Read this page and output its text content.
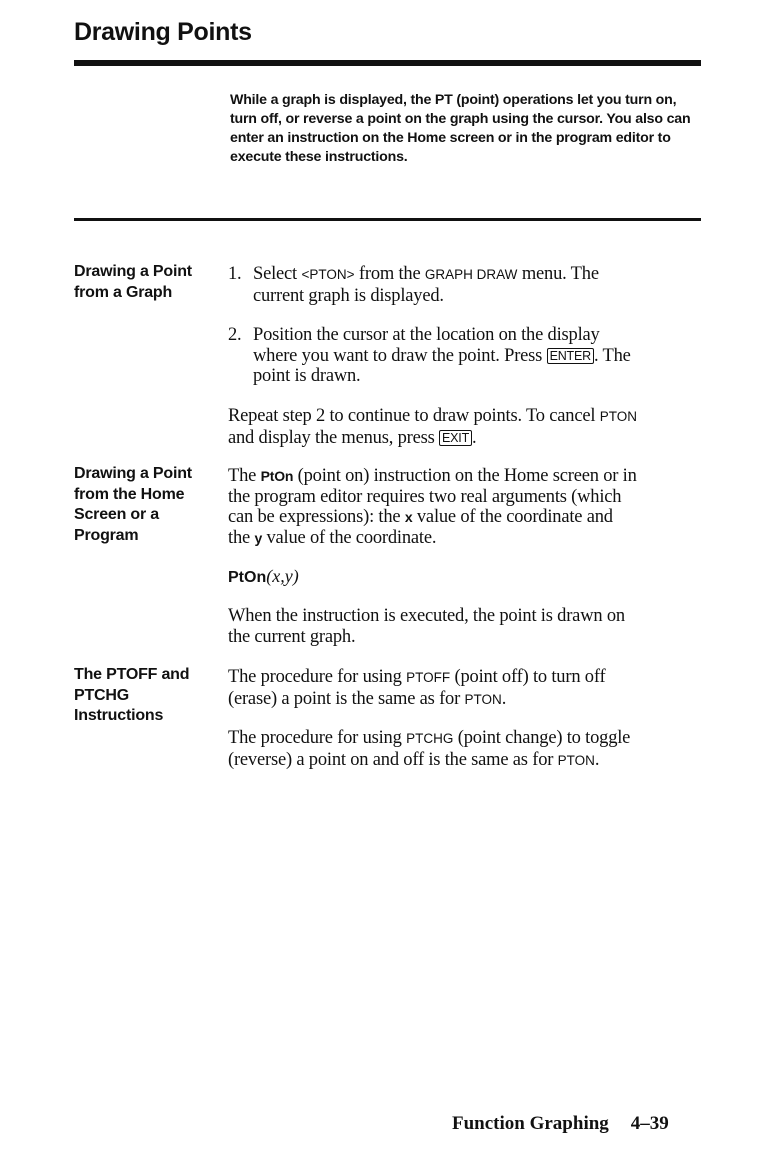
Drawing Points

While a graph is displayed, the PT (point) operations let you turn on, turn off, or reverse a point on the graph using the cursor. You also can enter an instruction on the Home screen or in the program editor to execute these instructions.

Drawing a Point
from a Graph
1. Select <PTON> from the GRAPH DRAW menu. The
current graph is displayed.
2. Position the cursor at the location on the display
where you want to draw the point. Press ENTER . The
point is drawn.
Repeat step 2 to continue to draw points. To cancel PTON
and display the menus, press EXIT .
Drawing a Point
from the Home
Screen or a
Program
The PtOn (point on) instruction on the Home screen or in
the program editor requires two real arguments (which
can be expressions): the x value of the coordinate and
the y value of the coordinate.
PtOn(x,y)
When the instruction is executed, the point is drawn on
the current graph.
The PTOFF and
PTCHG
Instructions
The procedure for using PTOFF (point off) to turn off
(erase) a point is the same as for PTON.
The procedure for using PTCHG (point change) to toggle
(reverse) a point on and off is the same as for PTON.
Function Graphing 4–39
